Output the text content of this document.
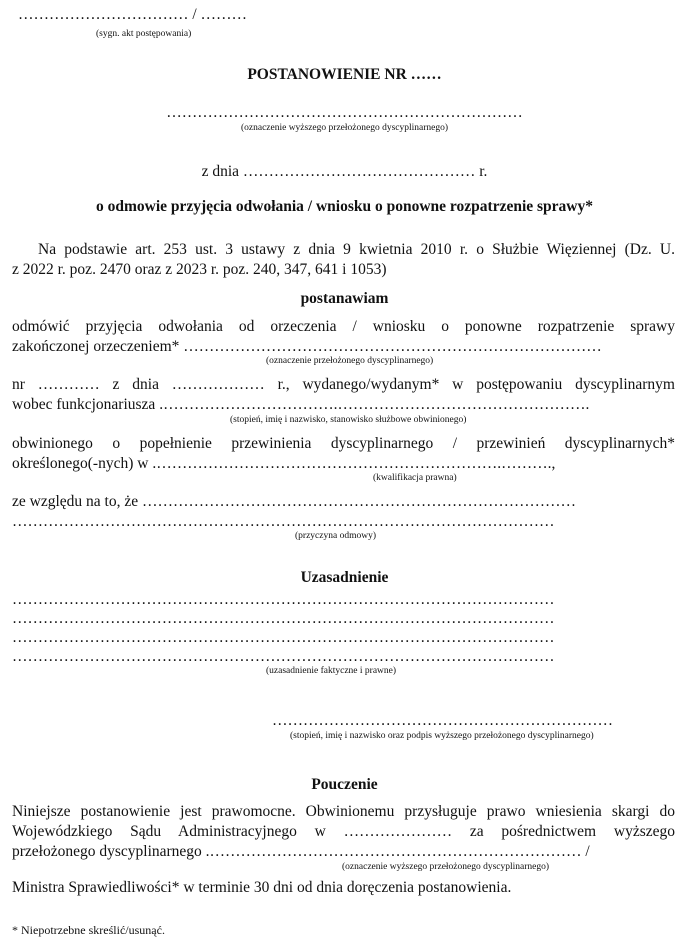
…………………………… / ………
(sygn. akt postępowania)
POSTANOWIENIE NR ……
……………………………………………………………
(oznaczenie wyższego przełożonego dyscyplinarnego)
z dnia ……………………………………… r.
o odmowie przyjęcia odwołania / wniosku o ponowne rozpatrzenie sprawy*
Na podstawie art. 253 ust. 3 ustawy z dnia 9 kwietnia 2010 r. o Służbie Więziennej (Dz. U.
z 2022 r. poz. 2470 oraz z 2023 r. poz. 240, 347, 641 i 1053)
postanawiam
odmówić przyjęcia odwołania od orzeczenia / wniosku o ponowne rozpatrzenie sprawy
zakończonej orzeczeniem* ………………………………………………………………………
(oznaczenie przełożonego dyscyplinarnego)
nr ………… z dnia ……………… r., wydanego/wydanym* w postępowaniu dyscyplinarnym
wobec funkcjonariusza .…………………………….………………………………………….
(stopień, imię i nazwisko, stanowisko służbowe obwinionego)
obwinionego o popełnienie przewinienia dyscyplinarnego / przewinień dyscyplinarnych*
określonego(-nych) w .………………………………………………………….……….,
(kwalifikacja prawna)
ze względu na to, że …………………………………………………………………………
……………………………………………………………………………………………
(przyczyna odmowy)
Uzasadnienie
……………………………………………………………………………………………
……………………………………………………………………………………………
……………………………………………………………………………………………
……………………………………………………………………………………………
(uzasadnienie faktyczne i prawne)
…………………………………………………………
(stopień, imię i nazwisko oraz podpis wyższego przełożonego dyscyplinarnego)
Pouczenie
Niniejsze postanowienie jest prawomocne. Obwinionemu przysługuje prawo wniesienia skargi do
Wojewódzkiego Sądu Administracyjnego w ………………… za pośrednictwem wyższego
przełożonego dyscyplinarnego .……………………………………………………………… /
(oznaczenie wyższego przełożonego dyscyplinarnego)
Ministra Sprawiedliwości* w terminie 30 dni od dnia doręczenia postanowienia.
* Niepotrzebne skreślić/usunąć.
